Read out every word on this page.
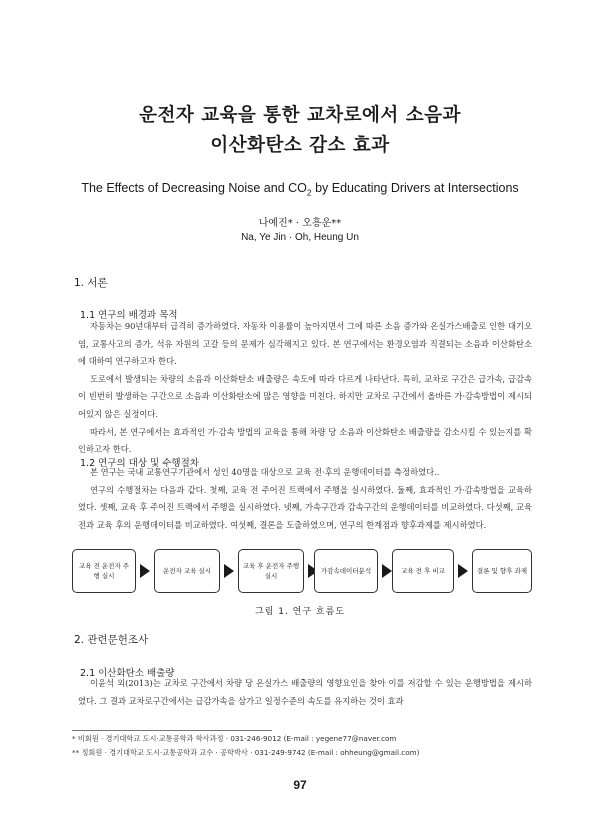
운전자 교육을 통한 교차로에서 소음과
이산화탄소 감소 효과
The Effects of Decreasing Noise and $CO_2$ by Educating Drivers at Intersections
나예진* · 오흥운**
Na, Ye Jin · Oh, Heung Un
1. 서론
1.1 연구의 배경과 목적

자동차는 90년대부터 급격히 증가하였다. 자동차 이용률이 높아지면서 그에 따른 소음 증가와 온실가스배출로 인한 대기오염, 교통사고의 증가, 석유 자원의 고갈 등의 문제가 심각해지고 있다. 본 연구에서는 환경오염과 직결되는 소음과 이산화탄소에 대하여 연구하고자 한다.

도로에서 발생되는 차량의 소음과 이산화탄소 배출량은 속도에 따라 다르게 나타난다. 특히, 교차로 구간은 급가속, 급감속이 빈번히 발생하는 구간으로 소음과 이산화탄소에 많은 영향을 미친다. 하지만 교차로 구간에서 올바른 가·감속방법이 제시되어있지 않은 실정이다.

따라서, 본 연구에서는 효과적인 가·감속 방법의 교육을 통해 차량 당 소음과 이산화탄소 배출량을 감소시킬 수 있는지를 확인하고자 한다.

1.2 연구의 대상 및 수행절차

본 연구는 국내 교통연구기관에서 성인 40명을 대상으로 교육 전·후의 운행데이터를 측정하였다..

연구의 수행절차는 다음과 같다. 첫째, 교육 전 주어진 트랙에서 주행을 실시하였다. 둘째, 효과적인 가·감속방법을 교육하였다. 셋째, 교육 후 주어진 트랙에서 주행을 실시하였다. 넷째, 가속구간과 감속구간의 운행데이터를 비교하였다. 다섯째, 교육 전과 교육 후의 운행데이터를 비교하였다. 여섯째, 결론을 도출하였으며, 연구의 한계점과 향후과제를 제시하였다.

교육 전 운전자 주행 실시
운전자 교육 실시
교육 후 운전자 주행 실시
가감속데이터분석	교육 전 후 비교	결론 및 향후 과제
그림 1. 연구 흐름도
2. 관련문헌조사
2.1 이산화탄소 배출량

이윤석 외(2013)는 교차로 구간에서 차량 당 온실가스 배출량의 영향요인을 찾아 이를 저감할 수 있는 운행방법을 제시하였다. 그 결과 교차로구간에서는 급감가속을 삼가고 일정수준의 속도를 유지하는 것이 효과

* 비회원 · 경기대학교 도시·교통공학과 학사과정 · 031-246-9012 (E-mail : yegene77@naver.com
** 정회원 · 경기대학교 도시·교통공학과 교수 · 공학박사 · 031-249-9742 (E-mail : ohheung@gmail.com)
97
